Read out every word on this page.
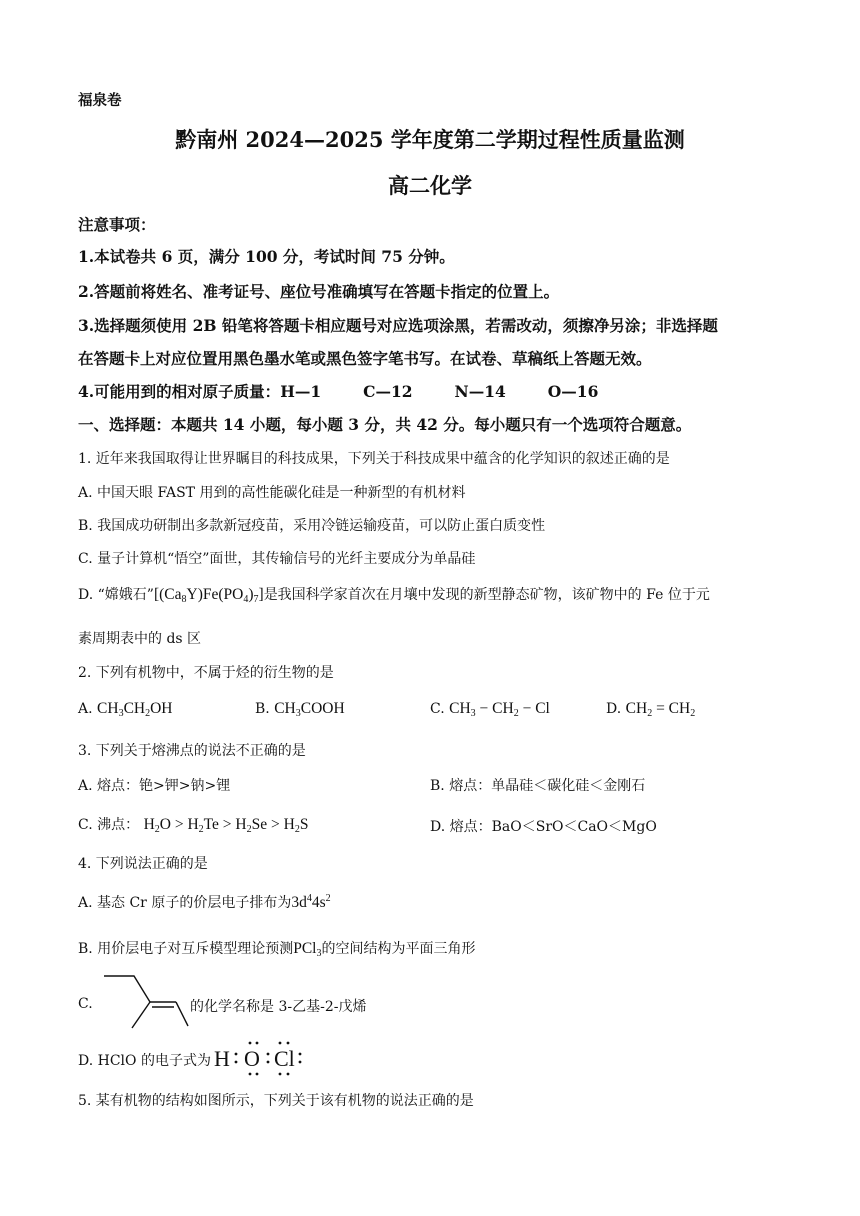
福泉卷
黔南州 2024—2025 学年度第二学期过程性质量监测
高二化学
注意事项：
1.本试卷共 6 页，满分 100 分，考试时间 75 分钟。
2.答题前将姓名、准考证号、座位号准确填写在答题卡指定的位置上。
3.选择题须使用 2B 铅笔将答题卡相应题号对应选项涂黑，若需改动，须擦净另涂；非选择题
在答题卡上对应位置用黑色墨水笔或黑色签字笔书写。在试卷、草稿纸上答题无效。
4.可能用到的相对原子质量：H—1	C—12	N—14	O—16
一、选择题：本题共 14 小题，每小题 3 分，共 42 分。每小题只有一个选项符合题意。
1. 近年来我国取得让世界瞩目的科技成果，下列关于科技成果中蕴含的化学知识的叙述正确的是
A. 中国天眼 FAST 用到的高性能碳化硅是一种新型的有机材料
B. 我国成功研制出多款新冠疫苗，采用冷链运输疫苗，可以防止蛋白质变性
C. 量子计算机“悟空”面世，其传输信号的光纤主要成分为单晶硅
D. “嫦娥石$”[(Ca_8Y)Fe(PO_4)_7]$是我国科学家首次在月壤中发现的新型静态矿物，该矿物中的 Fe 位于元
素周期表中的 ds 区
2. 下列有机物中，不属于烃的衍生物的是
A. $CH_3CH_2OH$	B. $CH_3COOH$	C. $CH_3 - CH_2 - Cl$	D. $CH_2 = CH_2$
3. 下列关于熔沸点的说法不正确的是
A. 熔点：铯>钾>钠>锂	B. 熔点：单晶硅＜碳化硅＜金刚石
C. 沸点： $H_2O > H_2Te > H_2Se > H_2S$	D. 熔点：BaO＜SrO＜CaO＜MgO
4. 下列说法正确的是
A. 基态 Cr 原子的价层电子排布为$3d^44s^2$
B. 用价层电子对互斥模型理论预测PCl$_3$的空间结构为平面三角形
C.	的化学名称是 3-乙基-2-戊烯
D. HClO 的电子式为 H O Cl
5. 某有机物的结构如图所示，下列关于该有机物的说法正确的是
